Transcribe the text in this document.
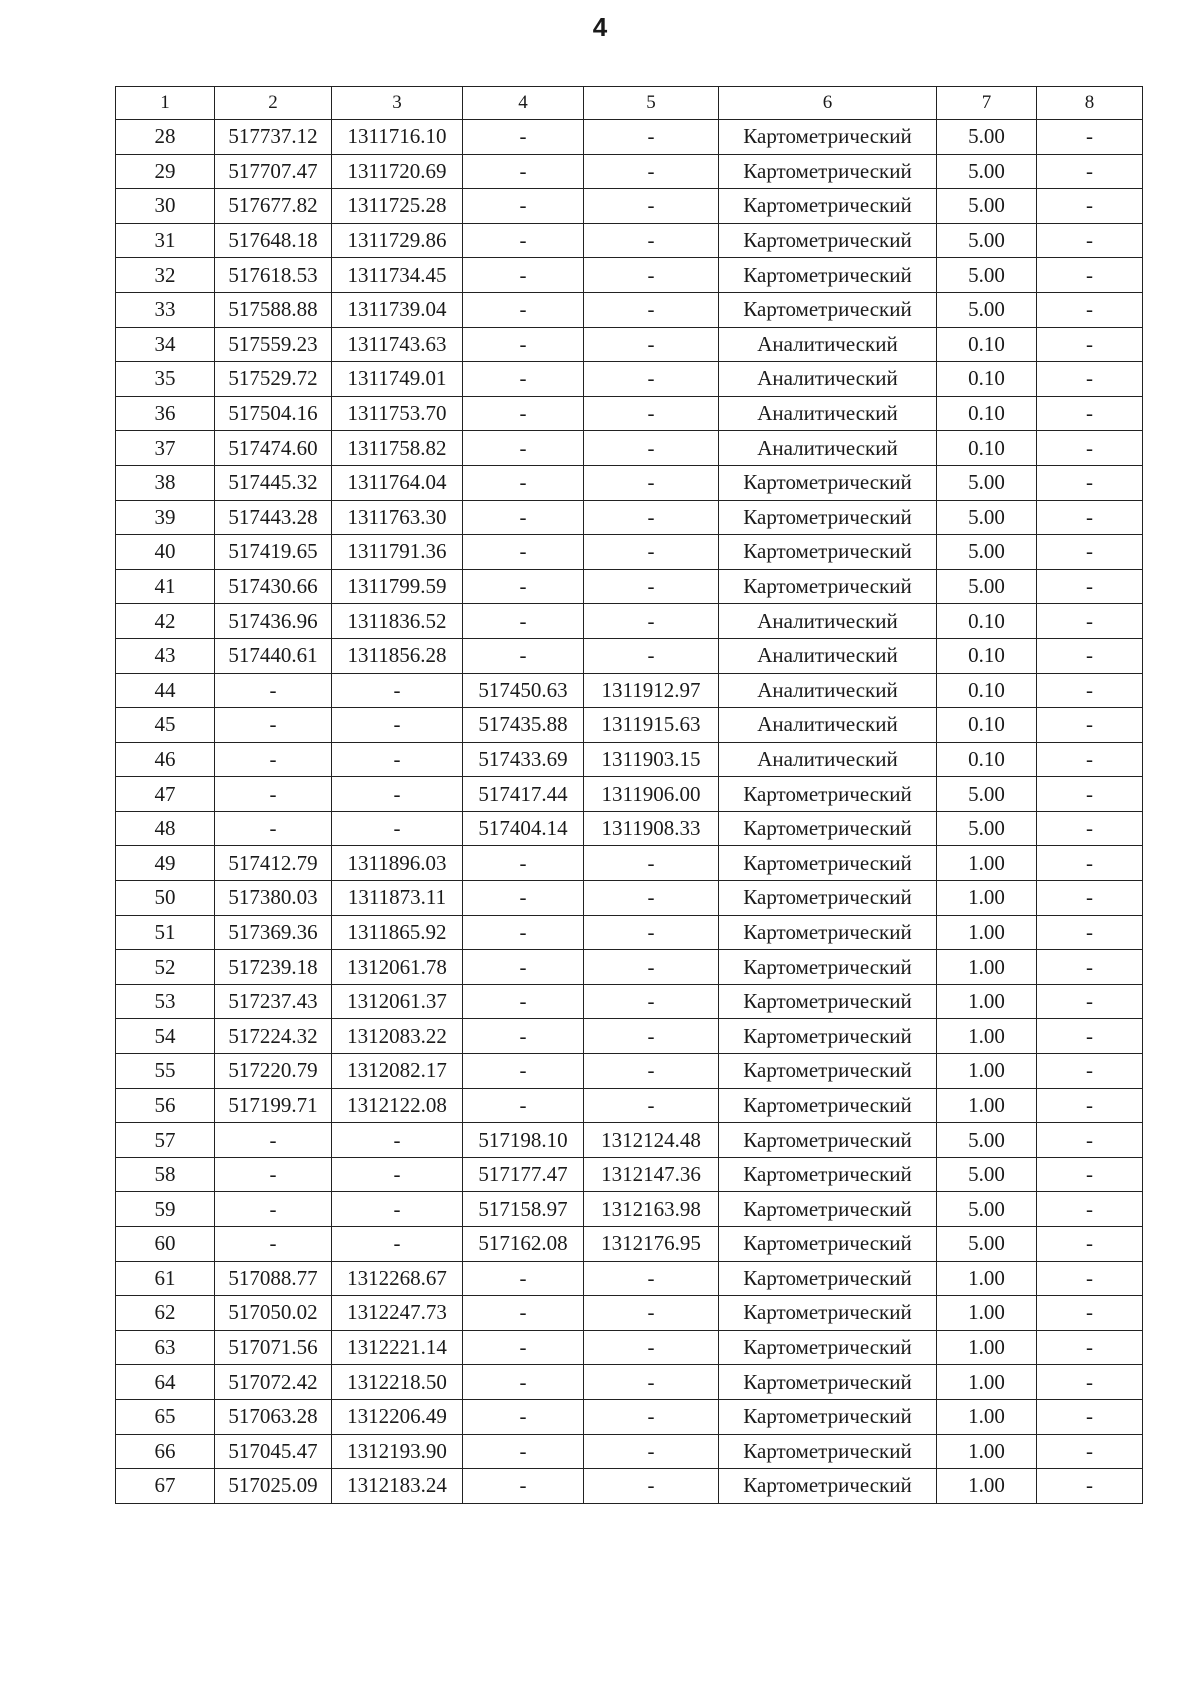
4
1	2	3	4	5	6	7	8
28	517737.12	1311716.10	-	-	Картометрический	5.00	-
29	517707.47	1311720.69	-	-	Картометрический	5.00	-
30	517677.82	1311725.28	-	-	Картометрический	5.00	-
31	517648.18	1311729.86	-	-	Картометрический	5.00	-
32	517618.53	1311734.45	-	-	Картометрический	5.00	-
33	517588.88	1311739.04	-	-	Картометрический	5.00	-
34	517559.23	1311743.63	-	-	Аналитический	0.10	-
35	517529.72	1311749.01	-	-	Аналитический	0.10	-
36	517504.16	1311753.70	-	-	Аналитический	0.10	-
37	517474.60	1311758.82	-	-	Аналитический	0.10	-
38	517445.32	1311764.04	-	-	Картометрический	5.00	-
39	517443.28	1311763.30	-	-	Картометрический	5.00	-
40	517419.65	1311791.36	-	-	Картометрический	5.00	-
41	517430.66	1311799.59	-	-	Картометрический	5.00	-
42	517436.96	1311836.52	-	-	Аналитический	0.10	-
43	517440.61	1311856.28	-	-	Аналитический	0.10	-
44	-	-	517450.63	1311912.97	Аналитический	0.10	-
45	-	-	517435.88	1311915.63	Аналитический	0.10	-
46	-	-	517433.69	1311903.15	Аналитический	0.10	-
47	-	-	517417.44	1311906.00	Картометрический	5.00	-
48	-	-	517404.14	1311908.33	Картометрический	5.00	-
49	517412.79	1311896.03	-	-	Картометрический	1.00	-
50	517380.03	1311873.11	-	-	Картометрический	1.00	-
51	517369.36	1311865.92	-	-	Картометрический	1.00	-
52	517239.18	1312061.78	-	-	Картометрический	1.00	-
53	517237.43	1312061.37	-	-	Картометрический	1.00	-
54	517224.32	1312083.22	-	-	Картометрический	1.00	-
55	517220.79	1312082.17	-	-	Картометрический	1.00	-
56	517199.71	1312122.08	-	-	Картометрический	1.00	-
57	-	-	517198.10	1312124.48	Картометрический	5.00	-
58	-	-	517177.47	1312147.36	Картометрический	5.00	-
59	-	-	517158.97	1312163.98	Картометрический	5.00	-
60	-	-	517162.08	1312176.95	Картометрический	5.00	-
61	517088.77	1312268.67	-	-	Картометрический	1.00	-
62	517050.02	1312247.73	-	-	Картометрический	1.00	-
63	517071.56	1312221.14	-	-	Картометрический	1.00	-
64	517072.42	1312218.50	-	-	Картометрический	1.00	-
65	517063.28	1312206.49	-	-	Картометрический	1.00	-
66	517045.47	1312193.90	-	-	Картометрический	1.00	-
67	517025.09	1312183.24	-	-	Картометрический	1.00	-
